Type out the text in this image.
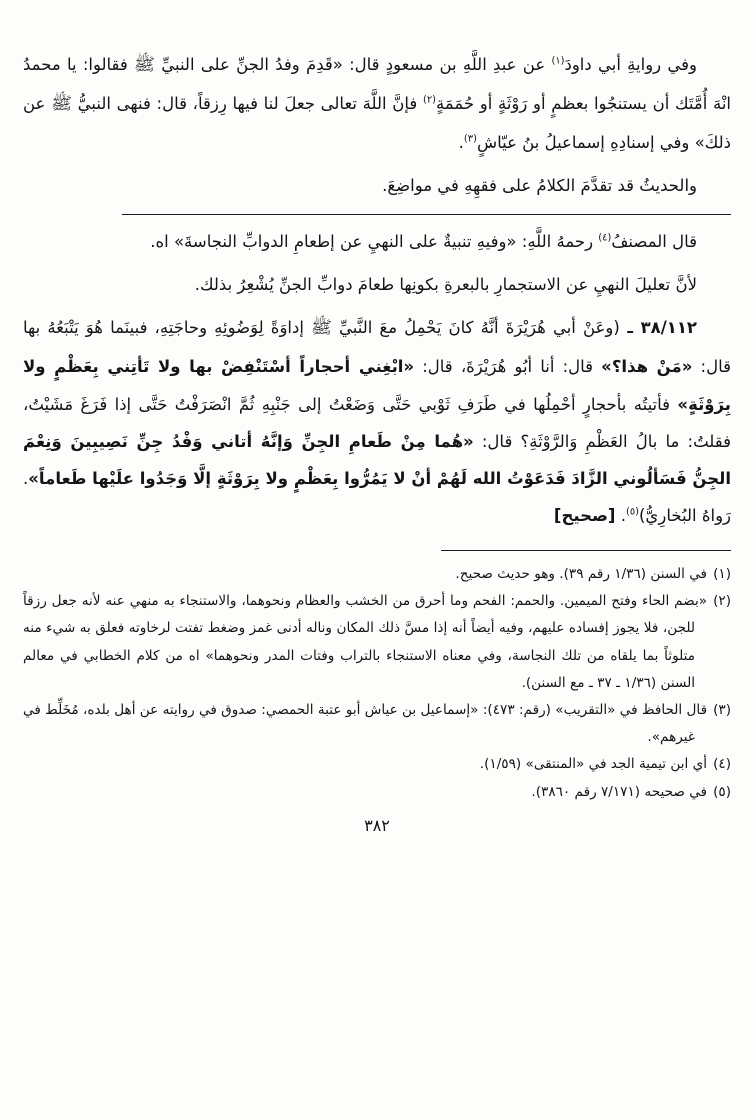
وفي روايةِ أبي داودَ$^{(١)}$ عن عبدِ اللَّهِ بن مسعودٍ قال: «قَدِمَ وفدُ الجنِّ على النبيِّ ﷺ فقالوا: يا محمدُ انْهَ أُمَّتَك أن يستنجُوا بعظمٍ أو رَوْثَةٍ أو حُمَمَةٍ$^{(٢)}$ فإنَّ اللَّهَ تعالى جعلَ لنا فيها رِزقاً، قال: فنهى النبيُّ ﷺ عن ذلكَ» وفي إسنادِهِ إسماعيلُ بنُ عيّاشٍ$^{(٣)}$.

والحديثُ قد تقدَّمَ الكلامُ على فقهِهِ في مواضِعَ.

قال المصنفُ$^{(٤)}$ رحمهُ اللَّهِ: «وفيهِ تنبيةٌ على النهيِ عن إطعامِ الدوابِّ النجاسةَ» اه.

لأنَّ تعليلَ النهيِ عن الاستجمارِ بالبعرةِ بكونِها طعامَ دوابِّ الجنِّ يُشْعِرُ بذلك.

٣٨/١١٢ ـ (وعَنْ أبي هُرَيْرَةَ أنَّهُ كانَ يَحْمِلُ معَ النَّبيِّ ﷺ إداوَةً لِوَضُوئِهِ وحاجَتِهِ، فبينَما هُوَ يَتْبَعُهُ بها قال: «مَنْ هذا؟» قال: أنا أبُو هُرَيْرَةَ، قال: «ابْغِني أحجاراً أسْتَنْفِضْ بها ولا تَأتِني بِعَظْمٍ ولا بِرَوْثَةٍ» فأتيتُه بأحجارٍ أحْمِلُها في طَرَفِ ثَوْبي حَتَّى وَضَعْتُ إلى جَنْبِهِ ثُمَّ انْصَرَفْتُ حَتَّى إذا فَرَغَ مَشَيْتُ، فقلتُ: ما بالُ العَظْمِ وَالرَّوْثَةِ؟ قال: «هُما مِنْ طَعامِ الجِنِّ وَإنَّهُ أتاني وَفْدُ جِنِّ نَصِيبِينَ وَنِعْمَ الجِنُّ فَسَألُوني الزَّادَ فَدَعَوْتُ الله لَهُمْ أنْ لا يَمُرُّوا بِعَظْمٍ ولا بِرَوْثَةٍ إلَّا وَجَدُوا علَيْها طَعاماً». رَواهُ البُخارِيُّ)$^{(٥)}$. [صحيح]

(١)في السنن (١/٣٦ رقم ٣٩). وهو حديث صحيح.

(٢)«بضم الحاء وفتح الميمين. والحمم: الفحم وما أحرق من الخشب والعظام ونحوهما، والاستنجاء به منهي عنه لأنه جعل رزقاً للجن، فلا يجوز إفساده عليهم، وفيه أيضاً أنه إذا مسَّ ذلك المكان وناله أدنى غمز وضغط تفتت لرخاوته فعلق به شيء منه متلوثاً بما يلقاه من تلك النجاسة، وفي معناه الاستنجاء بالتراب وفتات المدر ونحوهما» اه من كلام الخطابي في معالم السنن (١/٣٦ ـ ٣٧ ـ مع السنن).

(٣)قال الحافظ في «التقريب» (رقم: ٤٧٣): «إسماعيل بن عياش أبو عتبة الحمصي: صدوق في روايته عن أهل بلده، مُخَلِّط في غيرهم».

(٤)أي ابن تيمية الجد في «المنتقى» (١/٥٩).

(٥)في صحيحه (٧/١٧١ رقم ٣٨٦٠).

٣٨٢
